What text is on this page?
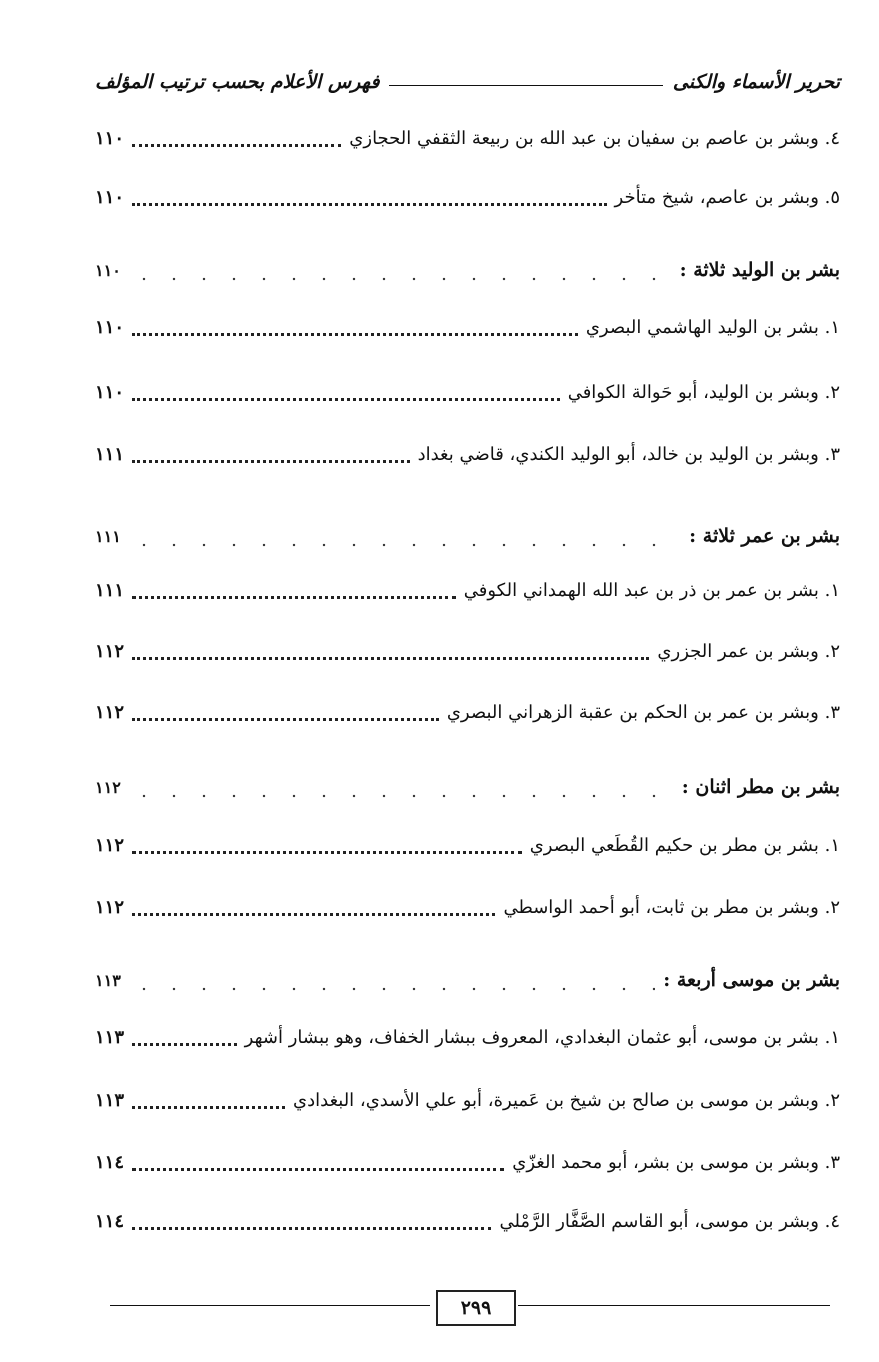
تحرير الأسماء والكنى
فهرس الأعلام بحسب ترتيب المؤلف
٤. وبشر بن عاصم بن سفيان بن عبد الله بن ربيعة الثقفي الحجازي
١١٠
٥. وبشر بن عاصم، شيخ متأخر
١١٠
بشر بن الوليد ثلاثة :
١١٠
١. بشر بن الوليد الهاشمي البصري
١١٠
٢. وبشر بن الوليد، أبو حَوالة الكوافي
١١٠
٣. وبشر بن الوليد بن خالد، أبو الوليد الكندي، قاضي بغداد
١١١
بشر بن عمر ثلاثة :
١١١
١. بشر بن عمر بن ذر بن عبد الله الهمداني الكوفي
١١١
٢. وبشر بن عمر الجزري
١١٢
٣. وبشر بن عمر بن الحكم بن عقبة الزهراني البصري
١١٢
بشر بن مطر اثنان :
١١٢
١. بشر بن مطر بن حكيم القُطَعي البصري
١١٢
٢. وبشر بن مطر بن ثابت، أبو أحمد الواسطي
١١٢
بشر بن موسى أربعة :
١١٣
١. بشر بن موسى، أبو عثمان البغدادي، المعروف ببشار الخفاف، وهو ببشار أشهر
١١٣
٢. وبشر بن موسى بن صالح بن شيخ بن عَميرة، أبو علي الأسدي، البغدادي
١١٣
٣. وبشر بن موسى بن بشر، أبو محمد الغزّي
١١٤
٤. وبشر بن موسى، أبو القاسم الصَّفَّار الرَّمْلي
١١٤
٢٩٩
